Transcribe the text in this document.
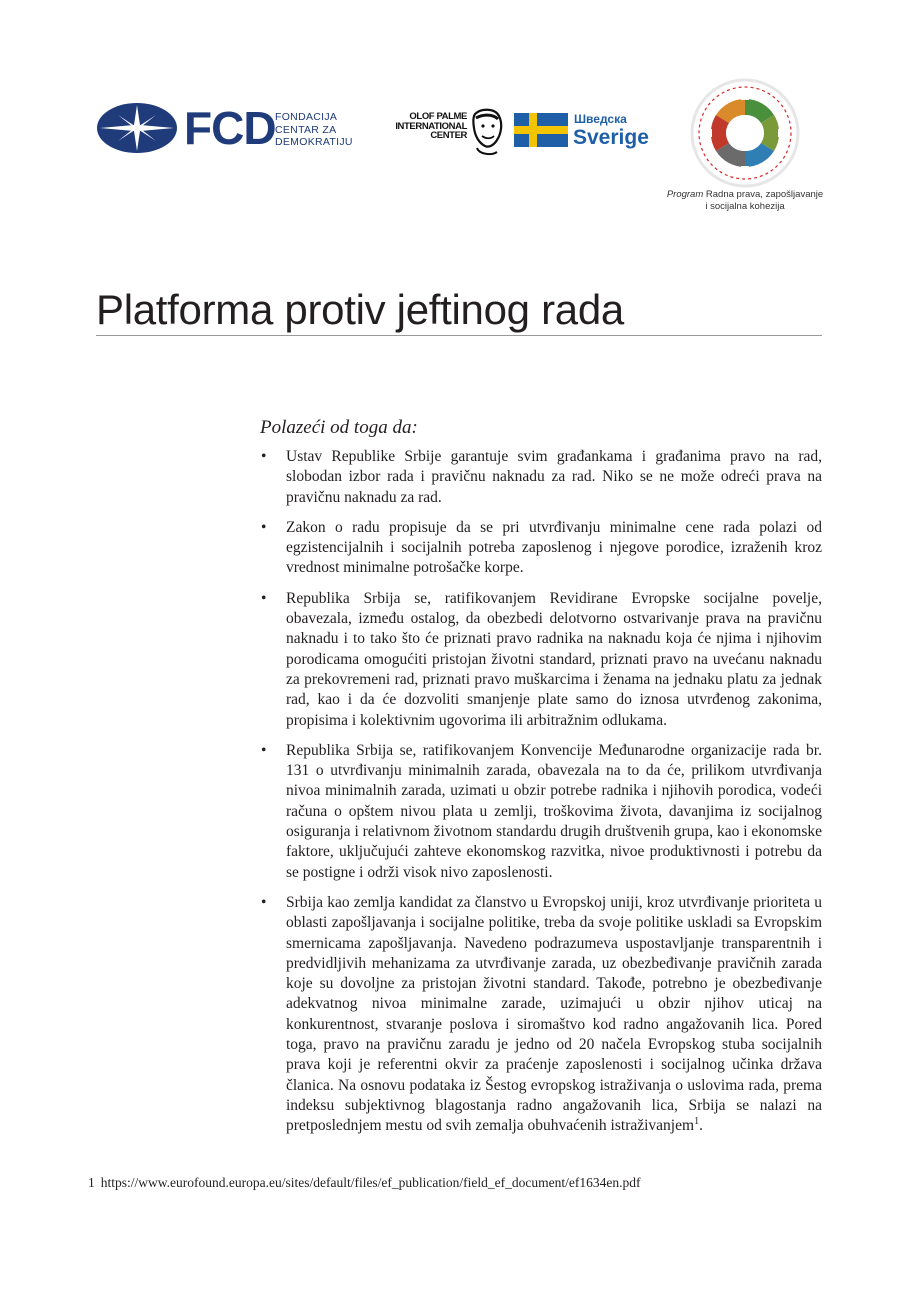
FCD FONDACIJA
CENTAR ZA
DEMOKRATIJU
OLOF PALME
INTERNATIONAL
CENTER
Шведска
Sverige
Program Radna prava, zapošljavanje
i socijalna kohezija
Platforma protiv jeftinog rada

Polazeći od toga da:

• Ustav Republike Srbije garantuje svim građankama i građanima pravo na rad, slobodan izbor rada i pravičnu naknadu za rad. Niko se ne može odreći prava na pravičnu naknadu za rad.
• Zakon o radu propisuje da se pri utvrđivanju minimalne cene rada polazi od egzistencijalnih i socijalnih potreba zaposlenog i njegove porodice, izraženih kroz vrednost minimalne potrošačke korpe.
• Republika Srbija se, ratifikovanjem Revidirane Evropske socijalne povelje, obavezala, između ostalog, da obezbedi delotvorno ostvarivanje prava na pravičnu naknadu i to tako što će priznati pravo radnika na naknadu koja će njima i njihovim porodicama omogućiti pristojan životni standard, priznati pravo na uvećanu naknadu za prekovremeni rad, priznati pravo muškarcima i ženama na jednaku platu za jednak rad, kao i da će dozvoliti smanjenje plate samo do iznosa utvrđenog zakonima, propisima i kolektivnim ugovorima ili arbitražnim odlukama.
• Republika Srbija se, ratifikovanjem Konvencije Međunarodne organizacije rada br. 131 o utvrđivanju minimalnih zarada, obavezala na to da će, prilikom utvrđivanja nivoa minimalnih zarada, uzimati u obzir potrebe radnika i njihovih porodica, vodeći računa o opštem nivou plata u zemlji, troškovima života, davanjima iz socijalnog osiguranja i relativnom životnom standardu drugih društvenih grupa, kao i ekonomske faktore, uključujući zahteve ekonomskog razvitka, nivoe produktivnosti i potrebu da se postigne i održi visok nivo zaposlenosti.
• Srbija kao zemlja kandidat za članstvo u Evropskoj uniji, kroz utvrđivanje prioriteta u oblasti zapošljavanja i socijalne politike, treba da svoje politike uskladi sa Evropskim smernicama zapošljavanja. Navedeno podrazumeva uspostavljanje transparentnih i predvidljivih mehanizama za utvrđivanje zarada, uz obezbeđivanje pravičnih zarada koje su dovoljne za pristojan životni standard. Takođe, potrebno je obezbeđivanje adekvatnog nivoa minimalne zarade, uzimajući u obzir njihov uticaj na konkurentnost, stvaranje poslova i siromaštvo kod radno angažovanih lica. Pored toga, pravo na pravičnu zaradu je jedno od 20 načela Evropskog stuba socijalnih prava koji je referentni okvir za praćenje zaposlenosti i socijalnog učinka država članica. Na osnovu podataka iz Šestog evropskog istraživanja o uslovima rada, prema indeksu subjektivnog blagostanja radno angažovanih lica, Srbija se nalazi na pretposlednjem mestu od svih zemalja obuhvaćenih istraživanjem$^1$.
1 https://www.eurofound.europa.eu/sites/default/files/ef_publication/field_ef_document/ef1634en.pdf
